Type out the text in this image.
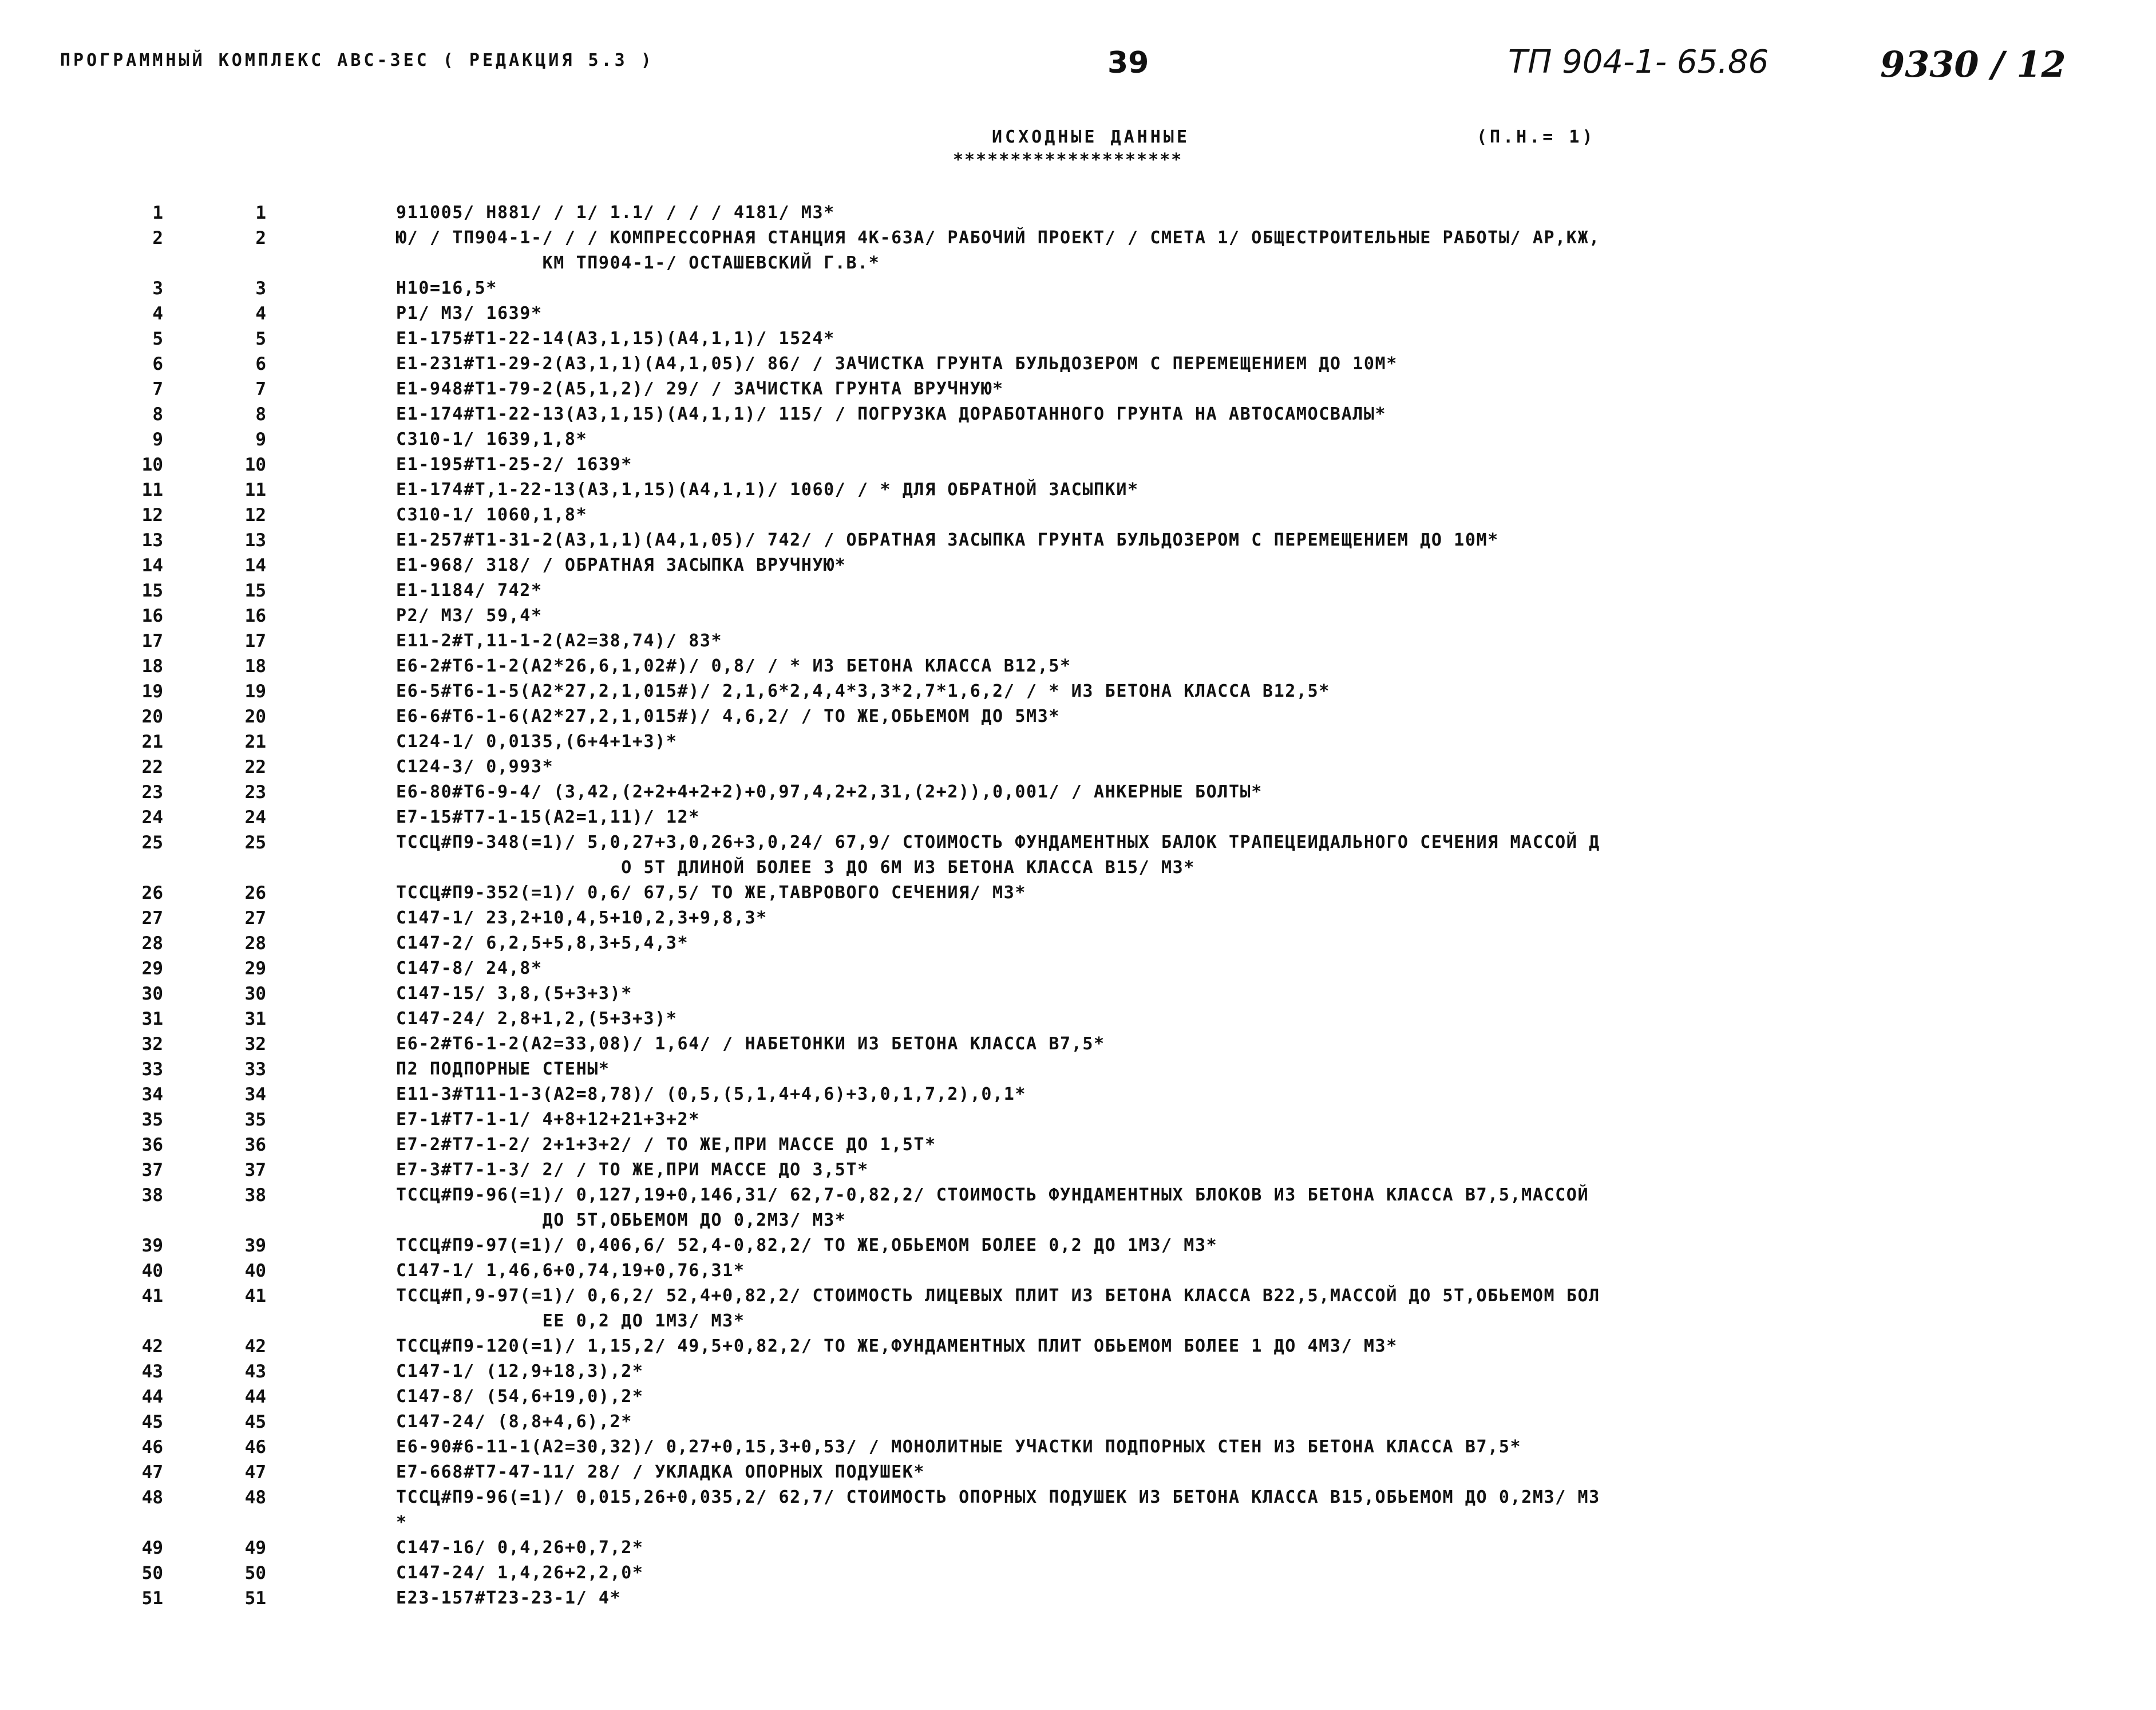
ПРОГРАММНЫЙ КОМПЛЕКС АВС-ЗЕС ( РЕДАКЦИЯ 5.3 )	39	ТП 904-1- 65.86	9330 / 12
ИСХОДНЫЕ ДАННЫЕ	(П.Н.= 1)
********************
1	1	911005/ Н881/ / 1/ 1.1/ / / / 4181/ М3*
2	2	Ю/ / ТП904-1-/ / / КОМПРЕССОРНАЯ СТАНЦИЯ 4К-63А/ РАБОЧИЙ ПРОЕКТ/ / СМЕТА 1/ ОБЩЕСТРОИТЕЛЬНЫЕ РАБОТЫ/ АР,КЖ,
КМ ТП904-1-/ ОСТАШЕВСКИЙ Г.В.*
3	3	Н10=16,5*
4	4	Р1/ М3/ 1639*
5	5	Е1-175#Т1-22-14(А3,1,15)(А4,1,1)/ 1524*
6	6	Е1-231#Т1-29-2(А3,1,1)(А4,1,05)/ 86/ / ЗАЧИСТКА ГРУНТА БУЛЬДОЗЕРОМ С ПЕРЕМЕЩЕНИЕМ ДО 10М*
7	7	Е1-948#Т1-79-2(А5,1,2)/ 29/ / ЗАЧИСТКА ГРУНТА ВРУЧНУЮ*
8	8	Е1-174#Т1-22-13(А3,1,15)(А4,1,1)/ 115/ / ПОГРУЗКА ДОРАБОТАННОГО ГРУНТА НА АВТОСАМОСВАЛЫ*
9	9	С310-1/ 1639,1,8*
10	10	Е1-195#Т1-25-2/ 1639*
11	11	Е1-174#Т,1-22-13(А3,1,15)(А4,1,1)/ 1060/ / * ДЛЯ ОБРАТНОЙ ЗАСЫПКИ*
12	12	С310-1/ 1060,1,8*
13	13	Е1-257#Т1-31-2(А3,1,1)(А4,1,05)/ 742/ / ОБРАТНАЯ ЗАСЫПКА ГРУНТА БУЛЬДОЗЕРОМ С ПЕРЕМЕЩЕНИЕМ ДО 10М*
14	14	Е1-968/ 318/ / ОБРАТНАЯ ЗАСЫПКА ВРУЧНУЮ*
15	15	Е1-1184/ 742*
16	16	Р2/ М3/ 59,4*
17	17	Е11-2#Т,11-1-2(А2=38,74)/ 83*
18	18	Е6-2#Т6-1-2(А2*26,6,1,02#)/ 0,8/ / * ИЗ БЕТОНА КЛАССА В12,5*
19	19	Е6-5#Т6-1-5(А2*27,2,1,015#)/ 2,1,6*2,4,4*3,3*2,7*1,6,2/ / * ИЗ БЕТОНА КЛАССА В12,5*
20	20	Е6-6#Т6-1-6(А2*27,2,1,015#)/ 4,6,2/ / ТО ЖЕ,ОБЬЕМОМ ДО 5М3*
21	21	С124-1/ 0,0135,(6+4+1+3)*
22	22	С124-3/ 0,993*
23	23	Е6-80#Т6-9-4/ (3,42,(2+2+4+2+2)+0,97,4,2+2,31,(2+2)),0,001/ / АНКЕРНЫЕ БОЛТЫ*
24	24	Е7-15#Т7-1-15(А2=1,11)/ 12*
25	25	ТССЦ#П9-348(=1)/ 5,0,27+3,0,26+3,0,24/ 67,9/ СТОИМОСТЬ ФУНДАМЕНТНЫХ БАЛОК ТРАПЕЦЕИДАЛЬНОГО СЕЧЕНИЯ МАССОЙ Д
О 5Т ДЛИНОЙ БОЛЕЕ 3 ДО 6М ИЗ БЕТОНА КЛАССА В15/ М3*
26	26	ТССЦ#П9-352(=1)/ 0,6/ 67,5/ ТО ЖЕ,ТАВРОВОГО СЕЧЕНИЯ/ М3*
27	27	С147-1/ 23,2+10,4,5+10,2,3+9,8,3*
28	28	С147-2/ 6,2,5+5,8,3+5,4,3*
29	29	С147-8/ 24,8*
30	30	С147-15/ 3,8,(5+3+3)*
31	31	С147-24/ 2,8+1,2,(5+3+3)*
32	32	Е6-2#Т6-1-2(А2=33,08)/ 1,64/ / НАБЕТОНКИ ИЗ БЕТОНА КЛАССА В7,5*
33	33	П2 ПОДПОРНЫЕ СТЕНЫ*
34	34	Е11-3#Т11-1-3(А2=8,78)/ (0,5,(5,1,4+4,6)+3,0,1,7,2),0,1*
35	35	Е7-1#Т7-1-1/ 4+8+12+21+3+2*
36	36	Е7-2#Т7-1-2/ 2+1+3+2/ / ТО ЖЕ,ПРИ МАССЕ ДО 1,5Т*
37	37	Е7-3#Т7-1-3/ 2/ / ТО ЖЕ,ПРИ МАССЕ ДО 3,5Т*
38	38	ТССЦ#П9-96(=1)/ 0,127,19+0,146,31/ 62,7-0,82,2/ СТОИМОСТЬ ФУНДАМЕНТНЫХ БЛОКОВ ИЗ БЕТОНА КЛАССА В7,5,МАССОЙ
ДО 5Т,ОБЬЕМОМ ДО 0,2М3/ М3*
39	39	ТССЦ#П9-97(=1)/ 0,406,6/ 52,4-0,82,2/ ТО ЖЕ,ОБЬЕМОМ БОЛЕЕ 0,2 ДО 1М3/ М3*
40	40	С147-1/ 1,46,6+0,74,19+0,76,31*
41	41	ТССЦ#П,9-97(=1)/ 0,6,2/ 52,4+0,82,2/ СТОИМОСТЬ ЛИЦЕВЫХ ПЛИТ ИЗ БЕТОНА КЛАССА В22,5,МАССОЙ ДО 5Т,ОБЬЕМОМ БОЛ
ЕЕ 0,2 ДО 1М3/ М3*
42	42	ТССЦ#П9-120(=1)/ 1,15,2/ 49,5+0,82,2/ ТО ЖЕ,ФУНДАМЕНТНЫХ ПЛИТ ОБЬЕМОМ БОЛЕЕ 1 ДО 4М3/ М3*
43	43	С147-1/ (12,9+18,3),2*
44	44	С147-8/ (54,6+19,0),2*
45	45	С147-24/ (8,8+4,6),2*
46	46	Е6-90#6-11-1(А2=30,32)/ 0,27+0,15,3+0,53/ / МОНОЛИТНЫЕ УЧАСТКИ ПОДПОРНЫХ СТЕН ИЗ БЕТОНА КЛАССА В7,5*
47	47	Е7-668#Т7-47-11/ 28/ / УКЛАДКА ОПОРНЫХ ПОДУШЕК*
48	48	ТССЦ#П9-96(=1)/ 0,015,26+0,035,2/ 62,7/ СТОИМОСТЬ ОПОРНЫХ ПОДУШЕК ИЗ БЕТОНА КЛАССА В15,ОБЬЕМОМ ДО 0,2М3/ М3
*
49	49	С147-16/ 0,4,26+0,7,2*
50	50	С147-24/ 1,4,26+2,2,0*
51	51	Е23-157#Т23-23-1/ 4*
